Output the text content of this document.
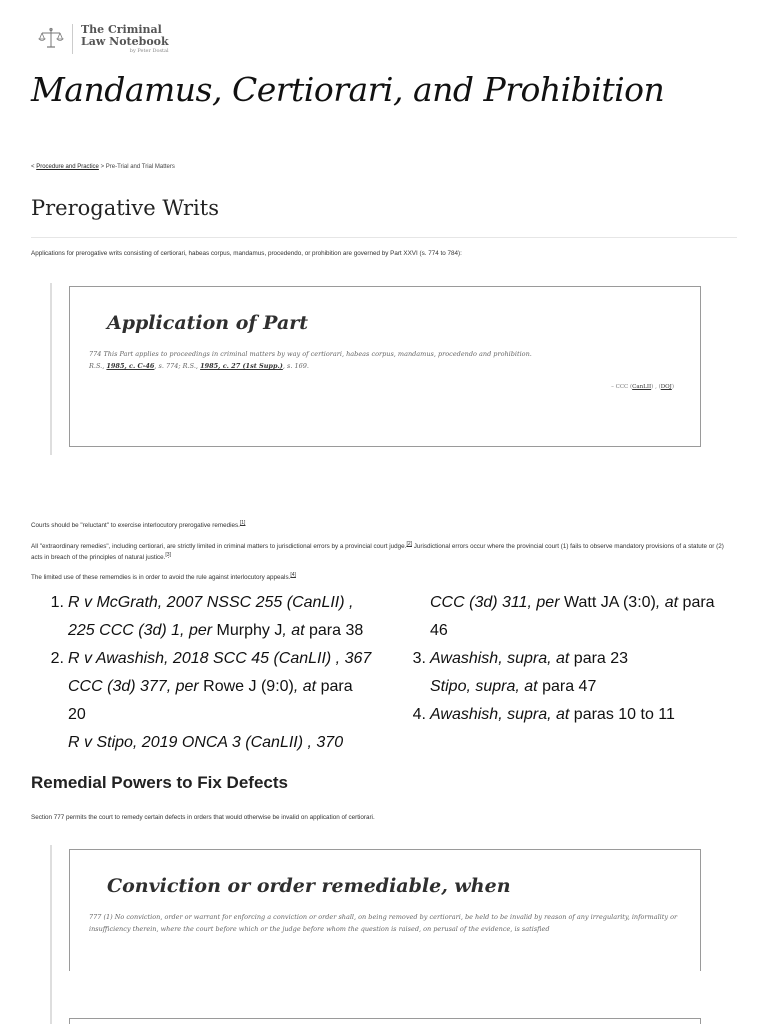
The Criminal
Law Notebook
by Peter Dostal
Mandamus, Certiorari, and Prohibition
< Procedure and Practice > Pre-Trial and Trial Matters
Prerogative Writs

Applications for prerogative writs consisting of certiorari, habeas corpus, mandamus, procedendo, or prohibition are governed by Part XXVI (s. 774 to 784):

Application of Part
774 This Part applies to proceedings in criminal matters by way of certiorari, habeas corpus, mandamus, procedendo and prohibition.
R.S., 1985, c. C-46, s. 774; R.S., 1985, c. 27 (1st Supp.), s. 169.
– CCC (CanLII) , (DOJ)

Courts should be "reluctant" to exercise interlocutory prerogative remedies.[1]

All "extraordinary remedies", including certiorari, are strictly limited in criminal matters to jurisdictional errors by a provincial court judge.[2] Jurisdictional errors occur where the provincial court (1) fails to observe mandatory provisions of a statute or (2) acts in breach of the principles of natural justice.[3]

The limited use of these rememdies is in order to avoid the rule against interlocutory appeals.[4]

1. R v McGrath, 2007 NSSC 255 (CanLII) ,
225 CCC (3d) 1, per Murphy J, at para 38
2. R v Awashish, 2018 SCC 45 (CanLII) , 367
CCC (3d) 377, per Rowe J (9:0), at para
20
R v Stipo, 2019 ONCA 3 (CanLII) , 370
CCC (3d) 311, per Watt JA (3:0), at para
46
3. Awashish, supra, at para 23
Stipo, supra, at para 47
4. Awashish, supra, at paras 10 to 11
Remedial Powers to Fix Defects

Section 777 permits the court to remedy certain defects in orders that would otherwise be invalid on application of certiorari.

Conviction or order remediable, when
777 (1) No conviction, order or warrant for enforcing a conviction or order shall, on being removed by certiorari, be held to be invalid by reason of any irregularity, informality or insufficiency therein, where the court before which or the judge before whom the question is raised, on perusal of the evidence, is satisfied
